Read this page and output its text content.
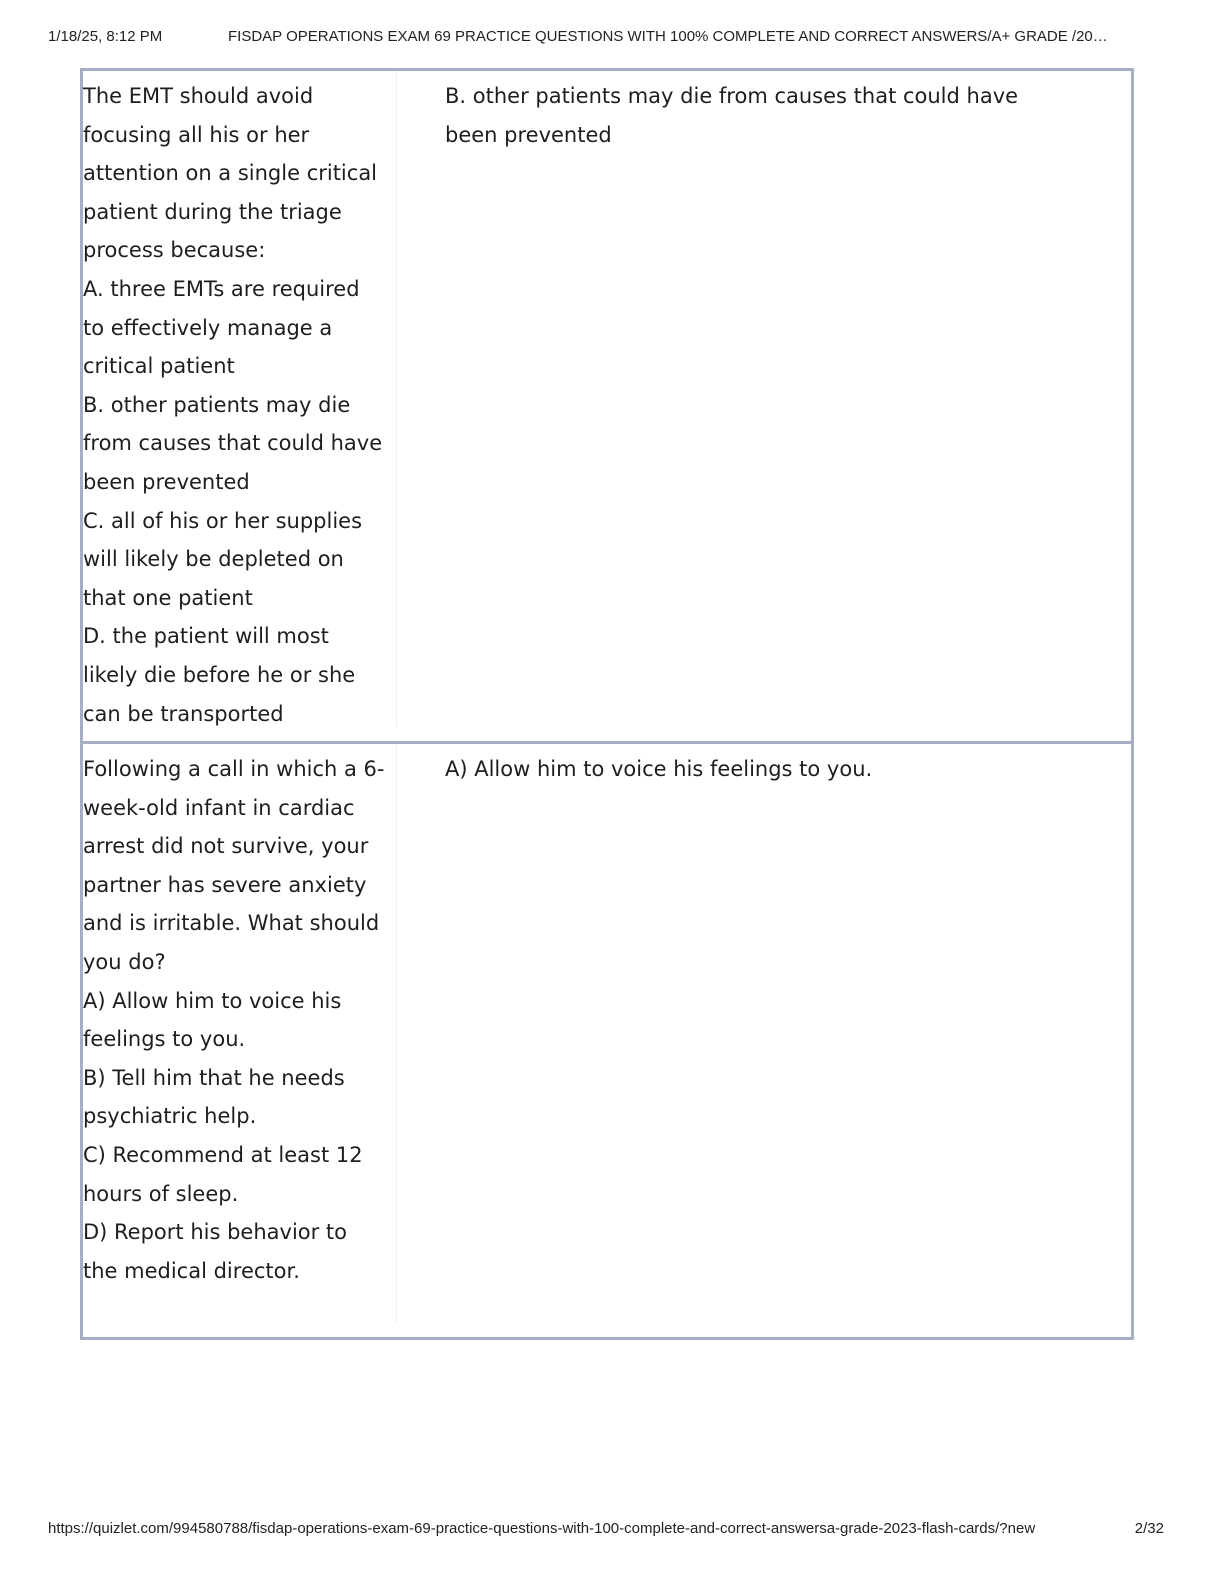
1/18/25, 8:12 PM	FISDAP OPERATIONS EXAM 69 PRACTICE QUESTIONS WITH 100% COMPLETE AND CORRECT ANSWERS/A+ GRADE /20…
The EMT should avoid focusing all his or her attention on a single critical patient during the triage process because:
A. three EMTs are required to effectively manage a critical patient
B. other patients may die from causes that could have been prevented
C. all of his or her supplies will likely be depleted on that one patient
D. the patient will most likely die before he or she can be transported
B. other patients may die from causes that could have been prevented
Following a call in which a 6-week-old infant in cardiac arrest did not survive, your partner has severe anxiety and is irritable. What should you do?
A) Allow him to voice his feelings to you.
B) Tell him that he needs psychiatric help.
C) Recommend at least 12 hours of sleep.
D) Report his behavior to the medical director.
A) Allow him to voice his feelings to you.
https://quizlet.com/994580788/fisdap-operations-exam-69-practice-questions-with-100-complete-and-correct-answersa-grade-2023-flash-cards/?new	2/32
